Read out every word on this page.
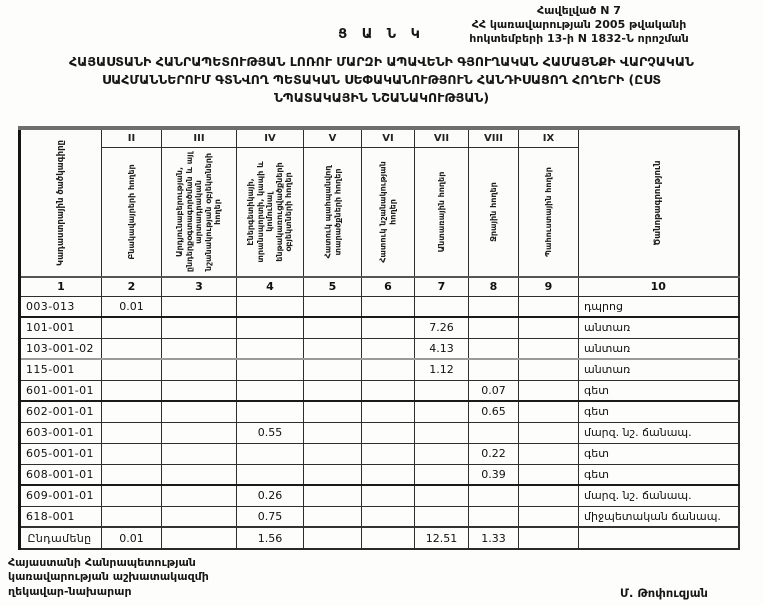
Հավելված N 7
ՀՀ կառավարության 2005 թվականի
հոկտեմբերի 13-ի N 1832-Ն որոշման
Ց Ա Ն Կ
ՀԱՅԱՍՏԱՆԻ ՀԱՆՐԱՊԵՏՈՒԹՅԱՆ ԼՈՌՈՒ ՄԱՐԶԻ ԱՊԱՎԵՆԻ ԳՅՈՒՂԱԿԱՆ ՀԱՄԱՅՆՔԻ ՎԱՐՉԱԿԱՆ
ՍԱՀՄԱՆՆԵՐՈՒՄ ԳՏՆՎՈՂ ՊԵՏԱԿԱՆ ՍԵՓԱԿԱՆՈՒԹՅՈՒՆ ՀԱՆԴԻՍԱՑՈՂ ՀՈՂԵՐԻ (ԸՍՏ
ՆՊԱՏԱԿԱՅԻՆ ՆՇԱՆԱԿՈՒԹՅԱՆ)
Կադաստրային ծածկագիրը	II	III	IV	V	VI	VII	VIII	IX	Ծանոթագրություն

	Բնակավայրերի հողեր	Արդյունաբերության, ընդերքօգտագործման և այլ արտադրական նշանակության օբյեկտների հողեր	Էներգետիկայի, տրանսպորտի, կապի և կոմունալ ենթակառուցվածքների օբյեկտների հողեր	Հատուկ պահպանվող տարածքների հողեր	Հատուկ նշանակության հողեր	Անտառային հողեր	Ջրային հողեր	Պահուստային հողեր	

1	2	3	4	5	6	7	8	9	10
003-013	0.01								դպրոց
101-001						7.26			անտառ
103-001-02						4.13			անտառ
115-001						1.12			անտառ
601-001-01							0.07		գետ
602-001-01							0.65		գետ
603-001-01			0.55						մարզ. նշ. ճանապ.
605-001-01							0.22		գետ
608-001-01							0.39		գետ
609-001-01			0.26						մարզ. նշ. ճանապ.
618-001			0.75						միջպետական ճանապ.
Ընդամենը	0.01		1.56			12.51	1.33		
Հայաստանի Հանրապետության
կառավարության աշխատակազմի
ղեկավար-նախարար	Մ. Թոփուզյան
